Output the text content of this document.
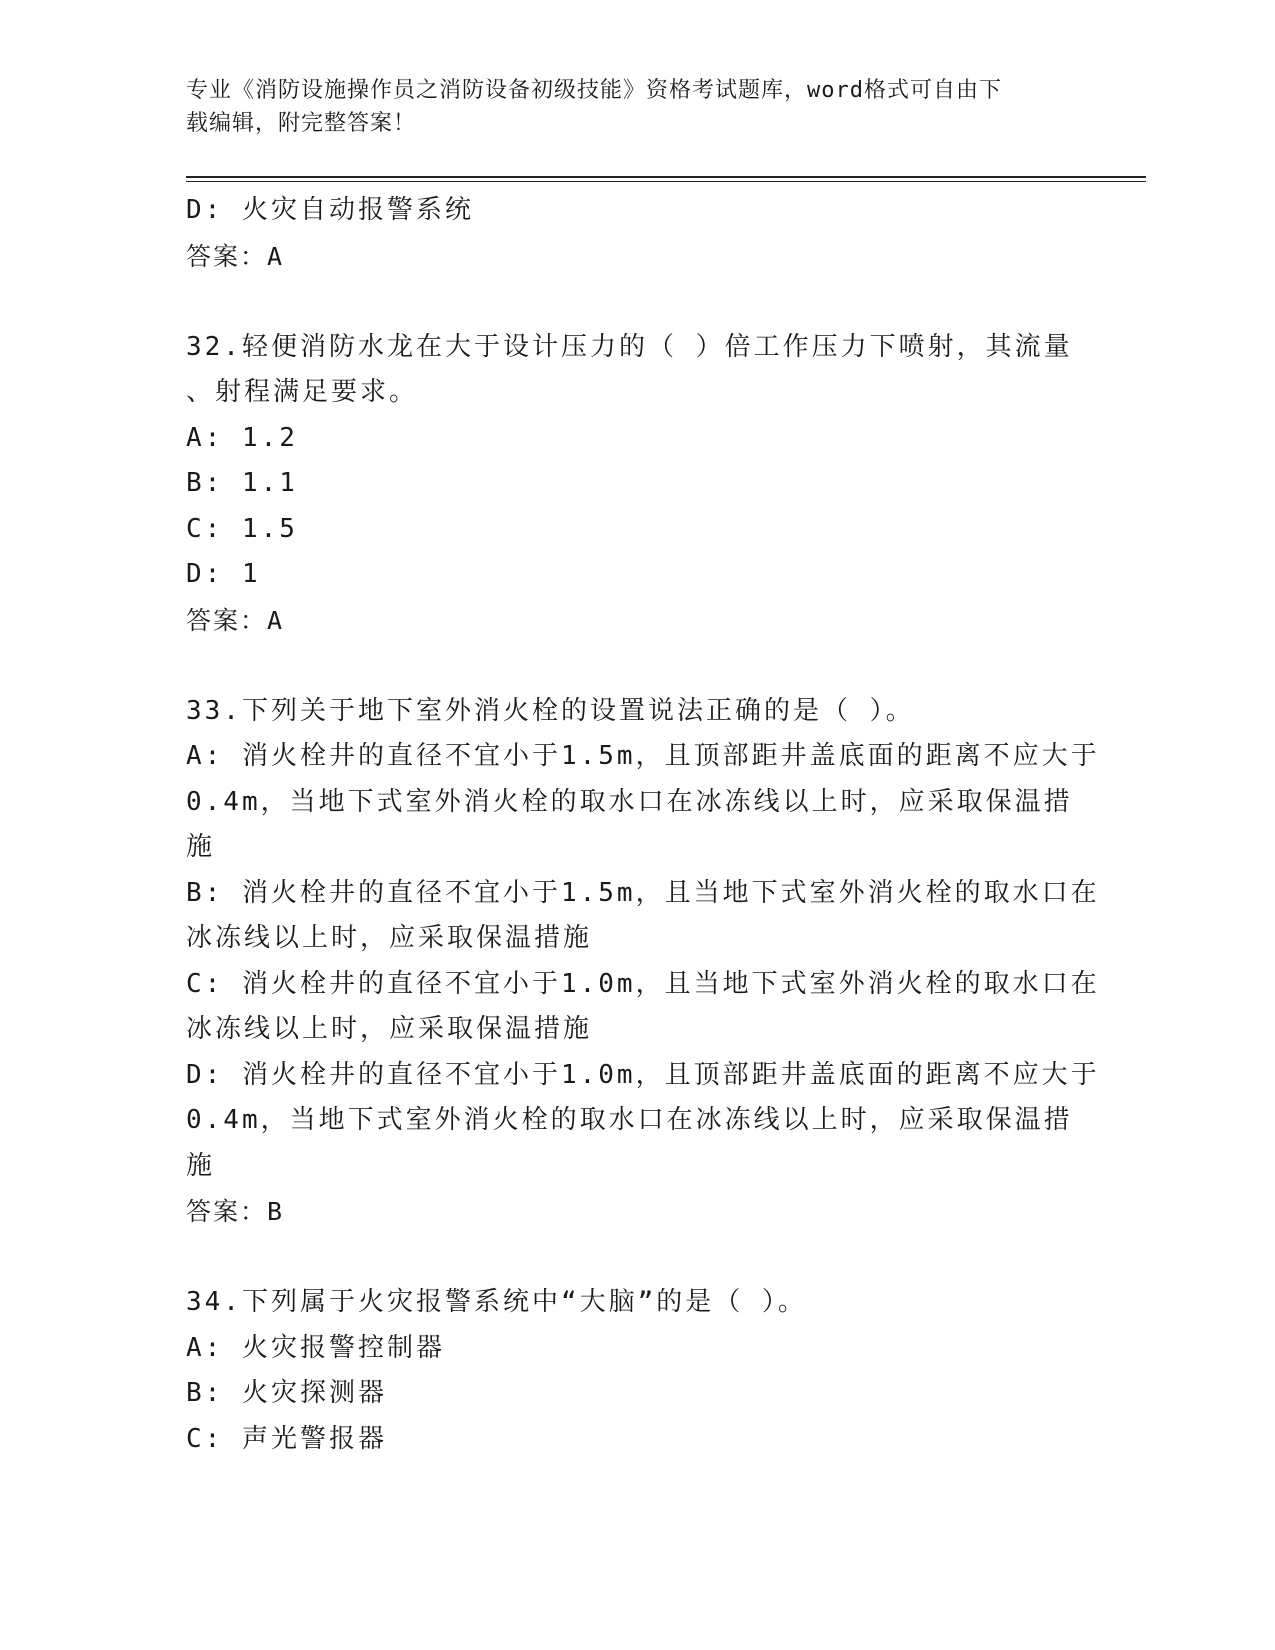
专业《消防设施操作员之消防设备初级技能》资格考试题库，word格式可自由下
载编辑，附完整答案！
D: 火灾自动报警系统
答案：A
32.轻便消防水龙在大于设计压力的（ ）倍工作压力下喷射，其流量
、射程满足要求。
A: 1.2
B: 1.1
C: 1.5
D: 1
答案：A
33.下列关于地下室外消火栓的设置说法正确的是（ ）。
A: 消火栓井的直径不宜小于1.5m，且顶部距井盖底面的距离不应大于
0.4m，当地下式室外消火栓的取水口在冰冻线以上时，应采取保温措
施
B: 消火栓井的直径不宜小于1.5m，且当地下式室外消火栓的取水口在
冰冻线以上时，应采取保温措施
C: 消火栓井的直径不宜小于1.0m，且当地下式室外消火栓的取水口在
冰冻线以上时，应采取保温措施
D: 消火栓井的直径不宜小于1.0m，且顶部距井盖底面的距离不应大于
0.4m，当地下式室外消火栓的取水口在冰冻线以上时，应采取保温措
施
答案：B
34.下列属于火灾报警系统中“大脑”的是（ ）。
A: 火灾报警控制器
B: 火灾探测器
C: 声光警报器
